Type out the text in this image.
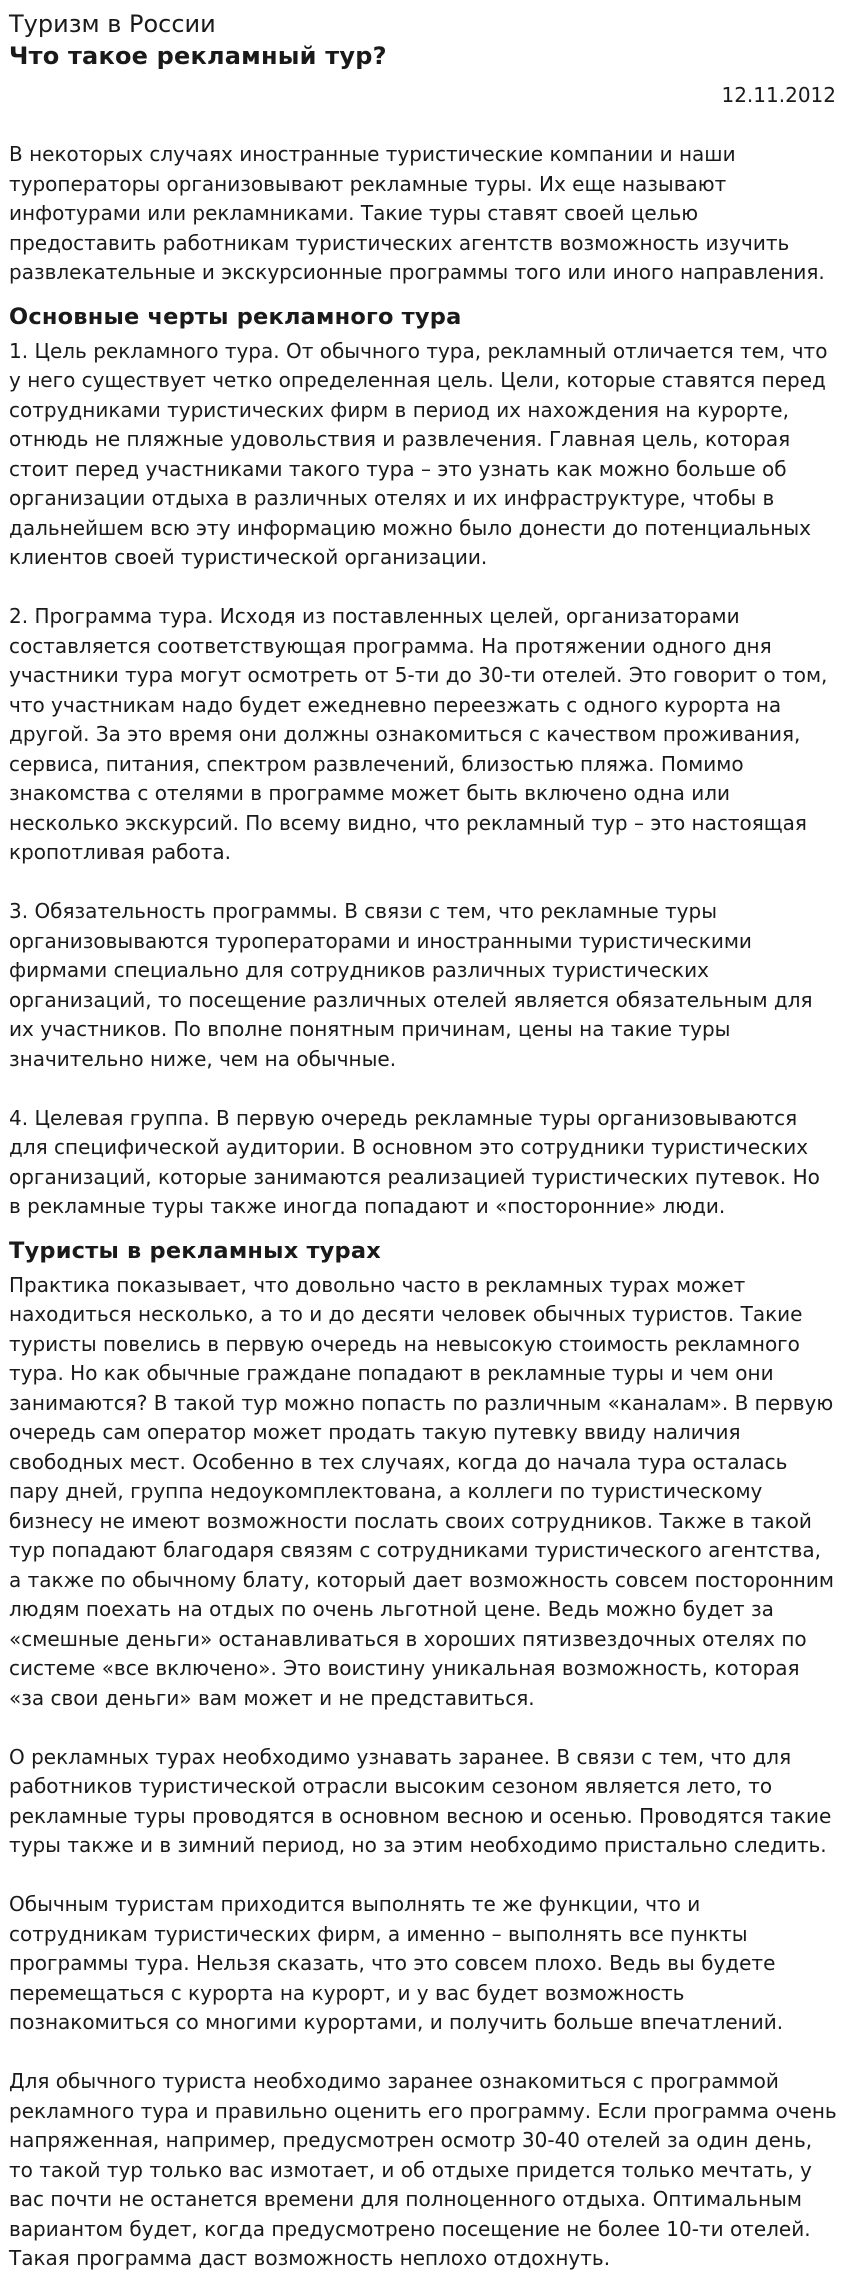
Туризм в России
Что такое рекламный тур?
12.11.2012

В некоторых случаях иностранные туристические компании и наши туроператоры организовывают рекламные туры. Их еще называют инфотурами или рекламниками. Такие туры ставят своей целью предоставить работникам туристических агентств возможность изучить развлекательные и экскурсионные программы того или иного направления.

Основные черты рекламного тура

1. Цель рекламного тура. От обычного тура, рекламный отличается тем, что у него существует четко определенная цель. Цели, которые ставятся перед сотрудниками туристических фирм в период их нахождения на курорте, отнюдь не пляжные удовольствия и развлечения. Главная цель, которая стоит перед участниками такого тура – это узнать как можно больше об организации отдыха в различных отелях и их инфраструктуре, чтобы в дальнейшем всю эту информацию можно было донести до потенциальных клиентов своей туристической организации.

2. Программа тура. Исходя из поставленных целей, организаторами составляется соответствующая программа. На протяжении одного дня участники тура могут осмотреть от 5-ти до 30-ти отелей. Это говорит о том, что участникам надо будет ежедневно переезжать с одного курорта на другой. За это время они должны ознакомиться с качеством проживания, сервиса, питания, спектром развлечений, близостью пляжа. Помимо знакомства с отелями в программе может быть включено одна или несколько экскурсий. По всему видно, что рекламный тур – это настоящая кропотливая работа.

3. Обязательность программы. В связи с тем, что рекламные туры организовываются туроператорами и иностранными туристическими фирмами специально для сотрудников различных туристических организаций, то посещение различных отелей является обязательным для их участников. По вполне понятным причинам, цены на такие туры значительно ниже, чем на обычные.

4. Целевая группа. В первую очередь рекламные туры организовываются для специфической аудитории. В основном это сотрудники туристических организаций, которые занимаются реализацией туристических путевок. Но в рекламные туры также иногда попадают и «посторонние» люди.

Туристы в рекламных турах

Практика показывает, что довольно часто в рекламных турах может находиться несколько, а то и до десяти человек обычных туристов. Такие туристы повелись в первую очередь на невысокую стоимость рекламного тура. Но как обычные граждане попадают в рекламные туры и чем они занимаются? В такой тур можно попасть по различным «каналам». В первую очередь сам оператор может продать такую путевку ввиду наличия свободных мест. Особенно в тех случаях, когда до начала тура осталась пару дней, группа недоукомплектована, а коллеги по туристическому бизнесу не имеют возможности послать своих сотрудников. Также в такой тур попадают благодаря связям с сотрудниками туристического агентства, а также по обычному блату, который дает возможность совсем посторонним людям поехать на отдых по очень льготной цене. Ведь можно будет за «смешные деньги» останавливаться в хороших пятизвездочных отелях по системе «все включено». Это воистину уникальная возможность, которая «за свои деньги» вам может и не представиться.

О рекламных турах необходимо узнавать заранее. В связи с тем, что для работников туристической отрасли высоким сезоном является лето, то рекламные туры проводятся в основном весною и осенью. Проводятся такие туры также и в зимний период, но за этим необходимо пристально следить.

Обычным туристам приходится выполнять те же функции, что и сотрудникам туристических фирм, а именно – выполнять все пункты программы тура. Нельзя сказать, что это совсем плохо. Ведь вы будете перемещаться с курорта на курорт, и у вас будет возможность познакомиться со многими курортами, и получить больше впечатлений.

Для обычного туриста необходимо заранее ознакомиться с программой рекламного тура и правильно оценить его программу. Если программа очень напряженная, например, предусмотрен осмотр 30-40 отелей за один день, то такой тур только вас измотает, и об отдыхе придется только мечтать, у вас почти не останется времени для полноценного отдыха. Оптимальным вариантом будет, когда предусмотрено посещение не более 10-ти отелей. Такая программа даст возможность неплохо отдохнуть.
